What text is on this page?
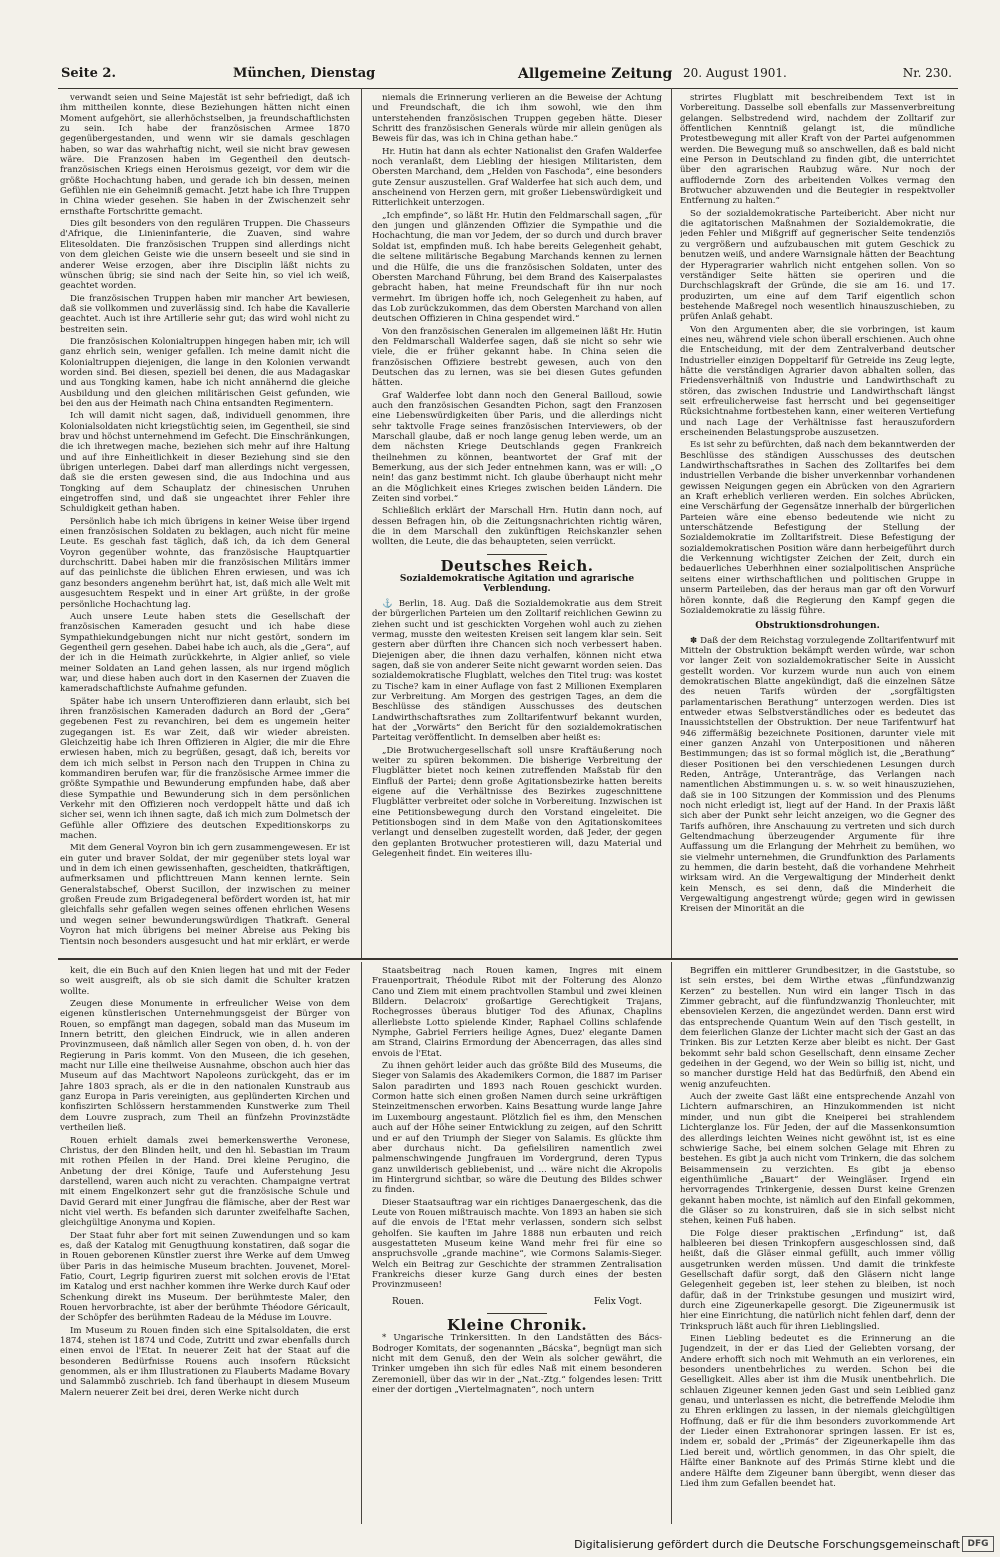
Seite 2.	München, Dienstag	Allgemeine Zeitung 20. August 1901.	Nr. 230.

verwandt seien und Seine Majestät ist sehr befriedigt, daß ich ihm mittheilen konnte, diese Beziehungen hätten nicht einen Moment aufgehört, sie allerhöchstselben, ja freundschaftlichsten zu sein. Ich habe der französischen Armee 1870 gegenübergestanden, und wenn wir sie damals geschlagen haben, so war das wahrhaftig nicht, weil sie nicht brav gewesen wäre. Die Franzosen haben im Gegentheil den deutsch-französischen Kriegs einen Heroismus gezeigt, vor dem wir die größte Hochachtung haben, und gerade ich bin dessen, meinen Gefühlen nie ein Geheimniß gemacht. Jetzt habe ich Ihre Truppen in China wieder gesehen. Sie haben in der Zwischenzeit sehr ernsthafte Fortschritte gemacht.

Dies gilt besonders von den regulären Truppen. Die Chasseurs d'Afrique, die Linieninfanterie, die Zuaven, sind wahre Elitesoldaten. Die französischen Truppen sind allerdings nicht von dem gleichen Geiste wie die unsern beseelt und sie sind in anderer Weise erzogen, aber ihre Disciplin läßt nichts zu wünschen übrig; sie sind nach der Seite hin, so viel ich weiß, geachtet worden.

Die französischen Truppen haben mir mancher Art bewiesen, daß sie vollkommen und zuverlässig sind. Ich habe die Kavallerie geachtet. Auch ist ihre Artillerie sehr gut; das wird wohl nicht zu bestreiten sein.

Die französischen Kolonialtruppen hingegen haben mir, ich will ganz ehrlich sein, weniger gefallen. Ich meine damit nicht die Kolonialtruppen diejenigen, die lange in den Kolonien verwandt worden sind. Bei diesen, speziell bei denen, die aus Madagaskar und aus Tongking kamen, habe ich nicht annähernd die gleiche Ausbildung und den gleichen militärischen Geist gefunden, wie bei den aus der Heimath nach China entsandten Regimentern.

Ich will damit nicht sagen, daß, individuell genommen, ihre Kolonialsoldaten nicht kriegstüchtig seien, im Gegentheil, sie sind brav und höchst unternehmend im Gefecht. Die Einschränkungen, die ich ihretwegen mache, beziehen sich mehr auf ihre Haltung und auf ihre Einheitlichkeit in dieser Beziehung sind sie den übrigen unterlegen. Dabei darf man allerdings nicht vergessen, daß sie die ersten gewesen sind, die aus Indochina und aus Tongking auf dem Schauplatz der chinesischen Unruhen eingetroffen sind, und daß sie ungeachtet ihrer Fehler ihre Schuldigkeit gethan haben.

Persönlich habe ich mich übrigens in keiner Weise über irgend einen französischen Soldaten zu beklagen, auch nicht für meine Leute. Es geschah fast täglich, daß ich, da ich dem General Voyron gegenüber wohnte, das französische Hauptquartier durchschritt. Dabei haben mir die französischen Militärs immer auf das peinlichste die üblichen Ehren erwiesen, und was ich ganz besonders angenehm berührt hat, ist, daß mich alle Welt mit ausgesuchtem Respekt und in einer Art grüßte, in der große persönliche Hochachtung lag.

Auch unsere Leute haben stets die Gesellschaft der französischen Kameraden gesucht und ich habe diese Sympathiekundgebungen nicht nur nicht gestört, sondern im Gegentheil gern gesehen. Dabei habe ich auch, als die „Gera“, auf der ich in die Heimath zurückkehrte, in Algier anlief, so viele meiner Soldaten an Land gehen lassen, als nur irgend möglich war, und diese haben auch dort in den Kasernen der Zuaven die kameradschaftlichste Aufnahme gefunden.

Später habe ich unsern Unteroffizieren dann erlaubt, sich bei ihren französischen Kameraden dadurch an Bord der „Gera“ gegebenen Fest zu revanchiren, bei dem es ungemein heiter zugegangen ist. Es war Zeit, daß wir wieder abreisten. Gleichzeitig habe ich Ihren Offizieren in Algier, die mir die Ehre erwiesen haben, mich zu begrüßen, gesagt, daß ich, bereits vor dem ich mich selbst in Person nach den Truppen in China zu kommandiren berufen war, für die französische Armee immer die größte Sympathie und Bewunderung empfunden habe, daß aber diese Sympathie und Bewunderung sich in dem persönlichen Verkehr mit den Offizieren noch verdoppelt hätte und daß ich sicher sei, wenn ich ihnen sagte, daß ich mich zum Dolmetsch der Gefühle aller Offiziere des deutschen Expeditionskorps zu machen.

Mit dem General Voyron bin ich gern zusammengewesen. Er ist ein guter und braver Soldat, der mir gegenüber stets loyal war und in dem ich einen gewissenhaften, gescheidten, thatkräftigen, aufmerksamen und pflichttreuen Mann kennen lernte. Sein Generalstabschef, Oberst Sucillon, der inzwischen zu meiner großen Freude zum Brigadegeneral befördert worden ist, hat mir gleichfalls sehr gefallen wegen seines offenen ehrlichen Wesens und wegen seiner bewunderungswürdigen Thatkraft. General Voyron hat mich übrigens bei meiner Abreise aus Peking bis Tientsin noch besonders ausgesucht und hat mir erklärt, er werde

niemals die Erinnerung verlieren an die Beweise der Achtung und Freundschaft, die ich ihm sowohl, wie den ihm unterstehenden französischen Truppen gegeben hätte. Dieser Schritt des französischen Generals würde mir allein genügen als Beweis für das, was ich in China gethan habe.“

Hr. Hutin hat dann als echter Nationalist den Grafen Walderfee noch veranlaßt, dem Liebling der hiesigen Militaristen, dem Obersten Marchand, dem „Helden von Faschoda“, eine besonders gute Zensur auszustellen. Graf Walderfee hat sich auch dem, und anscheinend von Herzen gern, mit großer Liebenswürdigkeit und Ritterlichkeit unterzogen.

„Ich empfinde“, so läßt Hr. Hutin den Feldmarschall sagen, „für den jungen und glänzenden Offizier die Sympathie und die Hochachtung, die man vor Jedem, der so durch und durch braver Soldat ist, empfinden muß. Ich habe bereits Gelegenheit gehabt, die seltene militärische Begabung Marchands kennen zu lernen und die Hülfe, die uns die französischen Soldaten, unter des Obersten Marchand Führung, bei dem Brand des Kaiserpalastes gebracht haben, hat meine Freundschaft für ihn nur noch vermehrt. Im übrigen hoffe ich, noch Gelegenheit zu haben, auf das Lob zurückzukommen, das dem Obersten Marchand von allen deutschen Offizieren in China gespendet wird.“

Von den französischen Generalen im allgemeinen läßt Hr. Hutin den Feldmarschall Walderfee sagen, daß sie nicht so sehr wie viele, die er früher gekannt habe. In China seien die französischen Offiziere bestrebt gewesen, auch von den Deutschen das zu lernen, was sie bei diesen Gutes gefunden hätten.

Graf Walderfee lobt dann noch den General Bailloud, sowie auch den französischen Gesandten Pichon, sagt den Franzosen eine Liebenswürdigkeiten über Paris, und die allerdings nicht sehr taktvolle Frage seines französischen Interviewers, ob der Marschall glaube, daß er noch lange genug leben werde, um an dem nächsten Kriege Deutschlands gegen Frankreich theilnehmen zu können, beantwortet der Graf mit der Bemerkung, aus der sich Jeder entnehmen kann, was er will: „O nein! das ganz bestimmt nicht. Ich glaube überhaupt nicht mehr an die Möglichkeit eines Krieges zwischen beiden Ländern. Die Zeiten sind vorbei.“

Schließlich erklärt der Marschall Hrn. Hutin dann noch, auf dessen Befragen hin, ob die Zeitungsnachrichten richtig wären, die in dem Marschall den zukünftigen Reichskanzler sehen wollten, die Leute, die das behaupteten, seien verrückt.

Deutsches Reich.
Sozialdemokratische Agitation und agrarische Verblendung.

⚓ Berlin, 18. Aug. Daß die Sozialdemokratie aus dem Streit der bürgerlichen Parteien um den Zolltarif reichlichen Gewinn zu ziehen sucht und ist geschickten Vorgehen wohl auch zu ziehen vermag, musste den weitesten Kreisen seit langem klar sein. Seit gestern aber dürften ihre Chancen sich noch verbessert haben. Diejenigen aber, die ihnen dazu verhalfen, können nicht etwa sagen, daß sie von anderer Seite nicht gewarnt worden seien. Das sozialdemokratische Flugblatt, welches den Titel trug: was kostet zu Tische? kam in einer Auflage von fast 2 Millionen Exemplaren zur Verbreitung. Am Morgen des gestrigen Tages, an dem die Beschlüsse des ständigen Ausschusses des deutschen Landwirthschaftsrathes zum Zolltarifentwurf bekannt wurden, hat der „Vorwärts“ den Bericht für den sozialdemokratischen Parteitag veröffentlicht. In demselben aber heißt es:

„Die Brotwuchergesellschaft soll unsre Kraftäußerung noch weiter zu spüren bekommen. Die bisherige Verbreitung der Flugblätter bietet noch keinen zutreffenden Maßstab für den Einfluß der Partei; denn große Agitationsbezirke hatten bereits eigene auf die Verhältnisse des Bezirkes zugeschnittene Flugblätter verbreitet oder solche in Vorbereitung. Inzwischen ist eine Petitionsbewegung durch den Vorstand eingeleitet. Die Petitionsbogen sind in dem Maße von den Agitationskomitees verlangt und denselben zugestellt worden, daß Jeder, der gegen den geplanten Brotwucher protestieren will, dazu Material und Gelegenheit findet. Ein weiteres illu-

strirtes Flugblatt mit beschreibendem Text ist in Vorbereitung. Dasselbe soll ebenfalls zur Massenverbreitung gelangen. Selbstredend wird, nachdem der Zolltarif zur öffentlichen Kenntniß gelangt ist, die mündliche Protestbewegung mit aller Kraft von der Partei aufgenommen werden. Die Bewegung muß so anschwellen, daß es bald nicht eine Person in Deutschland zu finden gibt, die unterrichtet über den agrarischen Raubzug wäre. Nur noch der aufflodernde Zorn des arbeitenden Volkes vermag den Brotwucher abzuwenden und die Beutegier in respektvoller Entfernung zu halten.“

So der sozialdemokratische Parteibericht. Aber nicht nur die agitatorischen Maßnahmen der Sozialdemokratie, die jeden Fehler und Mißgriff auf gegnerischer Seite tendenziös zu vergrößern und aufzubauschen mit gutem Geschick zu benutzen weiß, und andere Warnsignale hätten der Beachtung der Hyperagrarier wahrlich nicht entgehen sollen. Von so verständiger Seite hätten sie operiren und die Durchschlagskraft der Gründe, die sie am 16. und 17. produzirten, um eine auf dem Tarif eigentlich schon bestehende Maßregel noch wesentlich hinauszuschieben, zu prüfen Anlaß gehabt.

Von den Argumenten aber, die sie vorbringen, ist kaum eines neu, während viele schon überall erschienen. Auch ohne die Entscheidung, mit der dem Zentralverband deutscher Industrieller einzigen Doppeltarif für Getreide ins Zeug legte, hätte die verständigen Agrarier davon abhalten sollen, das Friedensverhältniß von Industrie und Landwirthschaft zu stören, das zwischen Industrie und Landwirthschaft längst seit erfreulicherweise fast herrscht und bei gegenseitiger Rücksichtnahme fortbestehen kann, einer weiteren Vertiefung und nach Lage der Verhältnisse fast herauszufordern erscheinenden Belastungsprobe auszusetzen.

Es ist sehr zu befürchten, daß nach dem bekanntwerden der Beschlüsse des ständigen Ausschusses des deutschen Landwirthschaftsrathes in Sachen des Zolltarifes bei dem industriellen Verbande die bisher unverkennbar vorhandenen gewissen Neigungen gegen ein Abrücken von den Agrariern an Kraft erheblich verlieren werden. Ein solches Abrücken, eine Verschärfung der Gegensätze innerhalb der bürgerlichen Parteien wäre eine ebenso bedeutende wie nicht zu unterschätzende Befestigung der Stellung der Sozialdemokratie im Zolltarifstreit. Diese Befestigung der sozialdemokratischen Position wäre dann herbeigeführt durch die Verkennung wichtigster Zeichen der Zeit, durch ein bedauerliches Ueberhhnen einer sozialpolitischen Ansprüche seitens einer wirthschaftlichen und politischen Gruppe in unserm Parteileben, das der heraus man gar oft den Vorwurf hören konnte, daß die Regierung den Kampf gegen die Sozialdemokratie zu lässig führe.

Obstruktionsdrohungen.

✽ Daß der dem Reichstag vorzulegende Zolltarifentwurf mit Mitteln der Obstruktion bekämpft werden würde, war schon vor langer Zeit von sozialdemokratischer Seite in Aussicht gestellt worden. Vor kurzem wurde nun auch von einem demokratischen Blatte angekündigt, daß die einzelnen Sätze des neuen Tarifs würden der „sorgfältigsten parlamentarischen Berathung“ unterzogen werden. Dies ist entweder etwas Selbstverständliches oder es bedeutet das Inaussichtstellen der Obstruktion. Der neue Tarifentwurf hat 946 ziffermäßig bezeichnete Positionen, darunter viele mit einer ganzen Anzahl von Unterpositionen und näheren Bestimmungen; das ist so formal möglich ist, die „Berathung“ dieser Positionen bei den verschiedenen Lesungen durch Reden, Anträge, Unteranträge, das Verlangen nach namentlichen Abstimmungen u. s. w. so weit hinauszuziehen, daß sie in 100 Sitzungen der Kommission und des Plenums noch nicht erledigt ist, liegt auf der Hand. In der Praxis läßt sich aber der Punkt sehr leicht anzeigen, wo die Gegner des Tarifs aufhören, ihre Anschauung zu vertreten und sich durch Geltendmachung überzeugender Argumente für ihre Auffassung um die Erlangung der Mehrheit zu bemühen, wo sie vielmehr unternehmen, die Grundfunktion des Parlaments zu hemmen, die darin besteht, daß die vorhandene Mehrheit wirksam wird. An die Vergewaltigung der Minderheit denkt kein Mensch, es sei denn, daß die Minderheit die Vergewaltigung angestrengt würde; gegen wird in gewissen Kreisen der Minorität an die

keit, die ein Buch auf den Knien liegen hat und mit der Feder so weit ausgreift, als ob sie sich damit die Schulter kratzen wollte.

Zeugen diese Monumente in erfreulicher Weise von dem eigenen künstlerischen Unternehmungsgeist der Bürger von Rouen, so empfängt man dagegen, sobald man das Museum im Innern betritt, den gleichen Eindruck, wie in allen anderen Provinzmuseen, daß nämlich aller Segen von oben, d. h. von der Regierung in Paris kommt. Von den Museen, die ich gesehen, macht nur Lille eine theilweise Ausnahme, obschon auch hier das Museum auf das Machtwort Napoleons zurückgeht, das er im Jahre 1803 sprach, als er die in den nationalen Kunstraub aus ganz Europa in Paris vereinigten, aus geplünderten Kirchen und konfiszirten Schlössern herstammenden Kunstwerke zum Theil dem Louvre zusprach, zum Theil an fünfzehn Provinzstädte vertheilen ließ.

Rouen erhielt damals zwei bemerkenswerthe Veronese, Christus, der den Blinden heilt, und den hl. Sebastian im Traum mit rothen Pfeilen in der Hand. Drei kleine Perugino, die Anbetung der drei Könige, Taufe und Auferstehung Jesu darstellend, waren auch nicht zu verachten. Champaigne vertrat mit einem Engelkonzert sehr gut die französische Schule und David Gerard mit einer Jungfrau die flämische, aber der Rest war nicht viel werth. Es befanden sich darunter zweifelhafte Sachen, gleichgültige Anonyma und Kopien.

Der Staat fuhr aber fort mit seinen Zuwendungen und so kam es, daß der Katalog mit Genugthuung konstatiren, daß sogar die in Rouen geborenen Künstler zuerst ihre Werke auf dem Umweg über Paris in das heimische Museum brachten. Jouvenet, Morel-Fatio, Court, Legrip figuriren zuerst mit solchen erovis de l'Etat im Katalog und erst nachher kommen ihre Werke durch Kauf oder Schenkung direkt ins Museum. Der berühmteste Maler, den Rouen hervorbrachte, ist aber der berühmte Théodore Géricault, der Schöpfer des berühmten Radeau de la Méduse im Louvre.

Im Museum zu Rouen finden sich eine Spitalsoldaten, die erst 1874, stehen ist 1874 und Code, Zutritt und zwar ebenfalls durch einen envoi de l'Etat. In neuerer Zeit hat der Staat auf die besonderen Bedürfnisse Rouens auch insofern Rücksicht genommen, als er ihm Illustrationen zu Flauberts Madame Bovary und Salammbô zuschrieb. Ich fand überhaupt in diesem Museum Malern neuerer Zeit bei drei, deren Werke nicht durch

Staatsbeitrag nach Rouen kamen, Ingres mit einem Frauenportrait, Théodule Ribot mit der Folterung des Alonzo Cano und Ziem mit einem prachtvollen Stambul und zwei kleinen Bildern. Delacroix' großartige Gerechtigkeit Trajans, Rochegrosses überaus blutiger Tod des Afiunax, Chaplins allerliebste Lotto spielende Kinder, Raphael Collins schlafende Nymphe, Gabriel Ferriers heilige Agnes, Duez' elegante Damen am Strand, Clairins Ermordung der Abencerragen, das alles sind envois de l'Etat.

Zu ihnen gehört leider auch das größte Bild des Museums, die Sieger von Salamis des Akademikers Cormon, die 1887 im Pariser Salon paradirten und 1893 nach Rouen geschickt wurden. Cormon hatte sich einen großen Namen durch seine urkräftigen Steinzeitmenschen erworben. Kains Besattung wurde lange Jahre im Luxembourg angestaunt. Plötzlich fiel es ihm, den Menschen auch auf der Höhe seiner Entwicklung zu zeigen, auf den Schritt und er auf den Triumph der Sieger von Salamis. Es glückte ihm aber durchaus nicht. Da gefielsiliren namentlich zwei palmenschwingende Jungfrauen im Vordergrund, deren Typus ganz unwilderisch gebliebenist, und ... wäre nicht die Akropolis im Hintergrund sichtbar, so wäre die Deutung des Bildes schwer zu finden.

Dieser Staatsauftrag war ein richtiges Danaergeschenk, das die Leute von Rouen mißtrauisch machte. Von 1893 an haben sie sich auf die envois de l'Etat mehr verlassen, sondern sich selbst geholfen. Sie kauften im Jahre 1888 nun erbauten und reich ausgestatteten Museum keine Wand mehr frei für eine so anspruchsvolle „grande machine“, wie Cormons Salamis-Sieger. Welch ein Beitrag zur Geschichte der strammen Zentralisation Frankreichs dieser kurze Gang durch eines der besten Provinzmuseen!

Rouen.	Felix Vogt.
Kleine Chronik.

* Ungarische Trinkersitten. In den Landstätten des Bács-Bodroger Komitats, der sogenannten „Bácska“, begnügt man sich nicht mit dem Genuß, den der Wein als solcher gewährt, die Trinker umgeben ihn sich für edles Naß mit einem besonderen Zeremoniell, über das wir in der „Nat.-Ztg.“ folgendes lesen: Tritt einer der dortigen „Viertelmagnaten“, noch untern

Begriffen ein mittlerer Grundbesitzer, in die Gaststube, so ist sein erstes, bei dem Wirthe etwas „fünfundzwanzig Kerzen“ zu bestellen. Nun wird ein langer Tisch in das Zimmer gebracht, auf die fünfundzwanzig Thonleuchter, mit ebensovielen Kerzen, die angezündet werden. Dann erst wird das entsprechende Quantum Wein auf den Tisch gestellt, in dem feierlichen Glanze der Lichter macht sich der Gast an das Trinken. Bis zur Letzten Kerze aber bleibt es nicht. Der Gast bekommt sehr bald schon Gesellschaft, denn einsame Zecher gedeihen in der Gegend, wo der Wein so billig ist, nicht, und so mancher durstige Held hat das Bedürfniß, den Abend ein wenig anzufeuchten.

Auch der zweite Gast läßt eine entsprechende Anzahl von Lichtern aufmarschiren, an Hinzukommenden ist nicht minder, und nun gibt die Kneiperei bei strahlendem Lichterglanze los. Für Jeden, der auf die Massenkonsumtion des allerdings leichten Weines nicht gewöhnt ist, ist es eine schwierige Sache, bei einem solchen Gelage mit Ehren zu bestehen. Es gibt ja auch nicht vom Trinkern, die das solchem Beisammensein zu verzichten. Es gibt ja ebenso eigenthümliche „Bauart“ der Weingläser. Irgend ein hervorragendes Trinkergenie, dessen Durst keine Grenzen gekannt haben mochte, ist nämlich auf den Einfall gekommen, die Gläser so zu konstruiren, daß sie in sich selbst nicht stehen, keinen Fuß haben.

Die Folge dieser praktischen „Erfindung“ ist, daß halbleeren bei diesen Trinkopfern ausgeschlossen sind, daß heißt, daß die Gläser einmal gefüllt, auch immer völlig ausgetrunken werden müssen. Und damit die trinkfeste Gesellschaft dafür sorgt, daß den Gläsern nicht lange Gelegenheit gegeben ist, leer stehen zu bleiben, ist noch dafür, daß in der Trinkstube gesungen und musizirt wird, durch eine Zigeunerkapelle gesorgt. Die Zigeunermusik ist hier eine Einrichtung, die natürlich nicht fehlen darf, denn der Trinkspruch läßt auch für ihren Lieblingslied.

Einen Liebling bedeutet es die Erinnerung an die Jugendzeit, in der er das Lied der Geliebten vorsang, der Andere erhofft sich noch mit Wehmuth an ein verlorenes, ein besonders unentbehrliches zu werden. Schon bei die Geselligkeit. Alles aber ist ihm die Musik unentbehrlich. Die schlauen Zigeuner kennen jeden Gast und sein Leiblied ganz genau, und unterlassen es nicht, die betreffende Melodie ihm zu Ehren erklingen zu lassen, in der niemals gleichgültigen Hoffnung, daß er für die ihm besonders zuvorkommende Art der Lieder einen Extrahonorar springen lassen. Er ist es, indem er, sobald der „Primás“ der Zigeunerkapelle ihm das Lied bereit und, wörtlich genommen, in das Ohr spielt, die Hälfte einer Banknote auf des Primás Stirne klebt und die andere Hälfte dem Zigeuner bann übergibt, wenn dieser das Lied ihm zum Gefallen beendet hat.

Digitalisierung gefördert durch die Deutsche Forschungsgemeinschaft DFG
